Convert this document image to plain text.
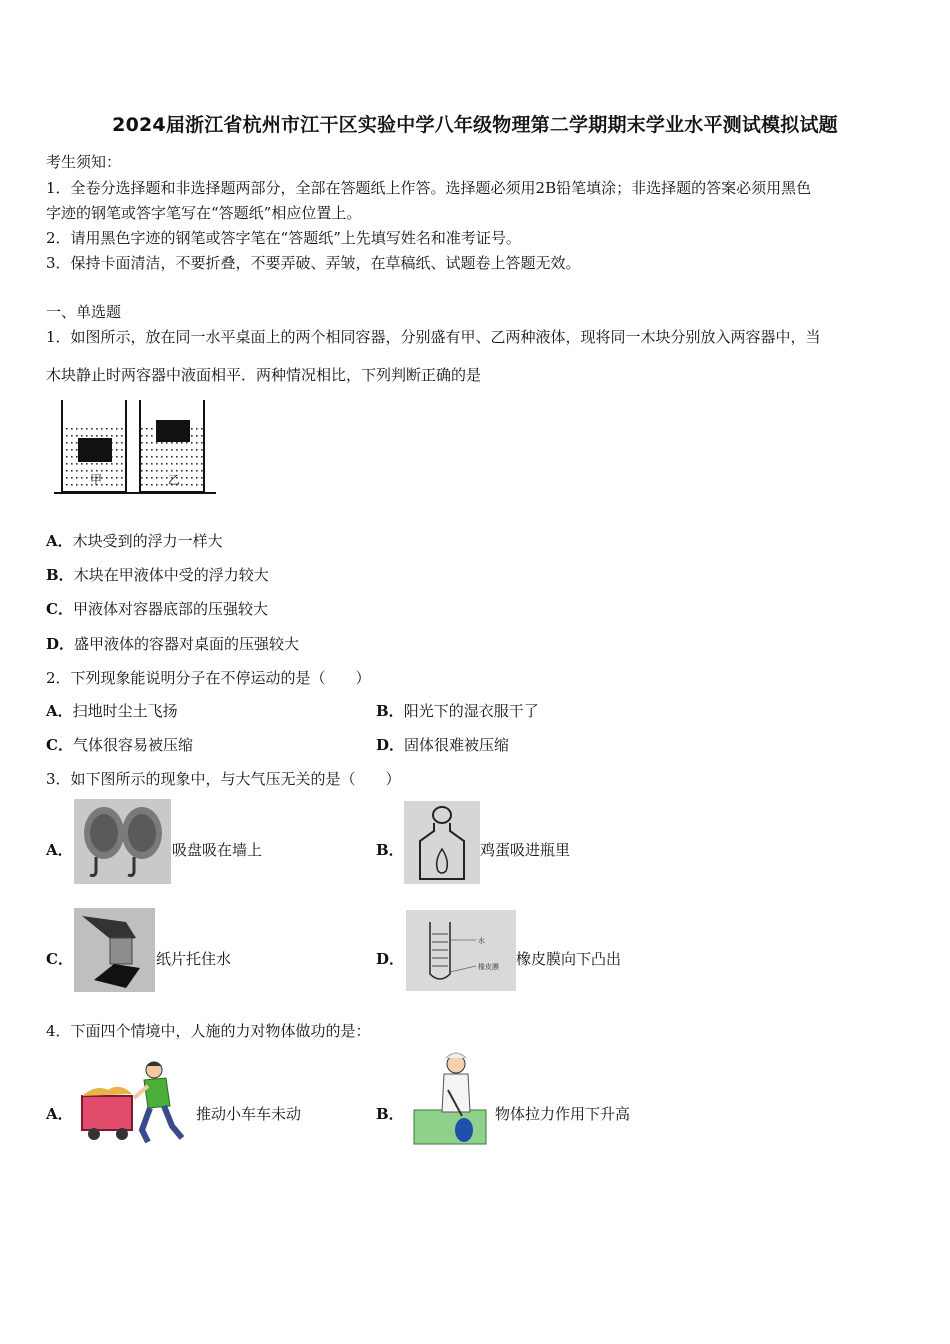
2024届浙江省杭州市江干区实验中学八年级物理第二学期期末学业水平测试模拟试题
考生须知：
1．全卷分选择题和非选择题两部分，全部在答题纸上作答。选择题必须用2B铅笔填涂；非选择题的答案必须用黑色
字迹的钢笔或答字笔写在“答题纸”相应位置上。
2．请用黑色字迹的钢笔或答字笔在“答题纸”上先填写姓名和准考证号。
3．保持卡面清洁，不要折叠，不要弄破、弄皱，在草稿纸、试题卷上答题无效。
一、单选题
1．如图所示，放在同一水平桌面上的两个相同容器，分别盛有甲、乙两种液体，现将同一木块分别放入两容器中，当
木块静止时两容器中液面相平．两种情况相比，下列判断正确的是
甲	乙
A．木块受到的浮力一样大
B．木块在甲液体中受的浮力较大
C．甲液体对容器底部的压强较大
D．盛甲液体的容器对桌面的压强较大
2．下列现象能说明分子在不停运动的是（　　）
A．扫地时尘土飞扬	B．阳光下的湿衣服干了
C．气体很容易被压缩	D．固体很难被压缩
3．如下图所示的现象中，与大气压无关的是（　　）
A．	吸盘吸在墙上	B．	鸡蛋吸进瓶里
C．	纸片托住水	D．
水
橡皮膜 橡皮膜向下凸出
4．下面四个情境中，人施的力对物体做功的是：
A．	推动小车车未动	B．	物体拉力作用下升高
